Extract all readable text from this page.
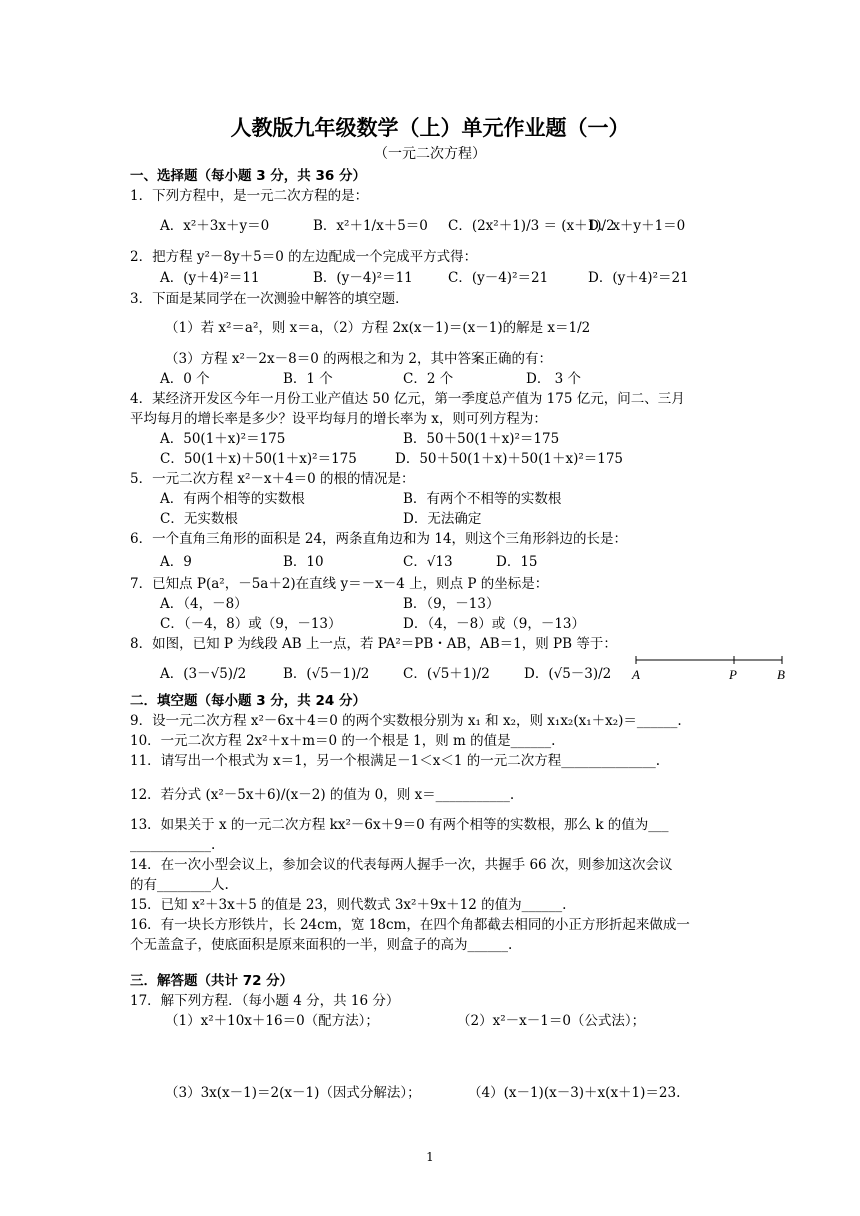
人教版九年级数学（上）单元作业题（一）
（一元二次方程）
一、选择题（每小题 3 分，共 36 分）
1．下列方程中，是一元二次方程的是：
A．x²＋3x＋y＝0	B．x²＋1/x＋5＝0 C．(2x²＋1)/3 ＝ (x＋1)/2
D．x＋y＋1＝0
2．把方程 y²－8y＋5＝0 的左边配成一个完成平方式得：
A．(y＋4)²＝11	B．(y－4)²＝11	C．(y－4)²＝21	D．(y＋4)²＝21
3．下面是某同学在一次测验中解答的填空题．
（1）若 x²＝a²，则 x＝a，（2）方程 2x(x－1)＝(x－1)的解是 x＝1/2
（3）方程 x²－2x－8＝0 的两根之和为 2，其中答案正确的有：
A．0 个	B．1 个	C．2 个	D． 3 个
4．某经济开发区今年一月份工业产值达 50 亿元，第一季度总产值为 175 亿元，问二、三月
平均每月的增长率是多少？设平均每月的增长率为 x，则可列方程为：
A．50(1＋x)²＝175	B．50＋50(1＋x)²＝175
C．50(1＋x)＋50(1＋x)²＝175	D．50＋50(1＋x)＋50(1＋x)²＝175
5．一元二次方程 x²－x＋4＝0 的根的情况是：
A．有两个相等的实数根	B．有两个不相等的实数根
C．无实数根	D．无法确定
6．一个直角三角形的面积是 24，两条直角边和为 14，则这个三角形斜边的长是：
A．9	B．10	C．√13	D．15
7．已知点 P(a²，－5a＋2)在直线 y＝－x－4 上，则点 P 的坐标是：
A．（4，－8）	B．（9，－13）
C．（－4，8）或（9，－13）	D．（4，－8）或（9，－13）
8．如图，已知 P 为线段 AB 上一点，若 PA²＝PB・AB，AB＝1，则 PB 等于：
A．(3－√5)/2	B．(√5－1)/2 C．(√5＋1)/2	D．(√5－3)/2
二．填空题（每小题 3 分，共 24 分）
9．设一元二次方程 x²－6x＋4＝0 的两个实数根分别为 x₁ 和 x₂，则 x₁x₂(x₁＋x₂)＝______.
10．一元二次方程 2x²＋x＋m＝0 的一个根是 1，则 m 的值是______.
11．请写出一个根式为 x＝1，另一个根满足－1＜x＜1 的一元二次方程______________.
12．若分式 (x²－5x＋6)/(x－2) 的值为 0，则 x＝___________.
13．如果关于 x 的一元二次方程 kx²－6x＋9＝0 有两个相等的实数根，那么 k 的值为___
____________.
14．在一次小型会议上，参加会议的代表每两人握手一次，共握手 66 次，则参加这次会议
的有________人.
15．已知 x²＋3x＋5 的值是 23，则代数式 3x²＋9x＋12 的值为______.
16．有一块长方形铁片，长 24cm，宽 18cm，在四个角都截去相同的小正方形折起来做成一
个无盖盒子，使底面积是原来面积的一半，则盒子的高为______.
三．解答题（共计 72 分）
17．解下列方程．（每小题 4 分，共 16 分）
（1）x²＋10x＋16＝0（配方法）；	（2）x²－x－1＝0（公式法）；
（3）3x(x－1)＝2(x－1)（因式分解法）；	（4）(x－1)(x－3)＋x(x＋1)＝23.
A	P	B
1
